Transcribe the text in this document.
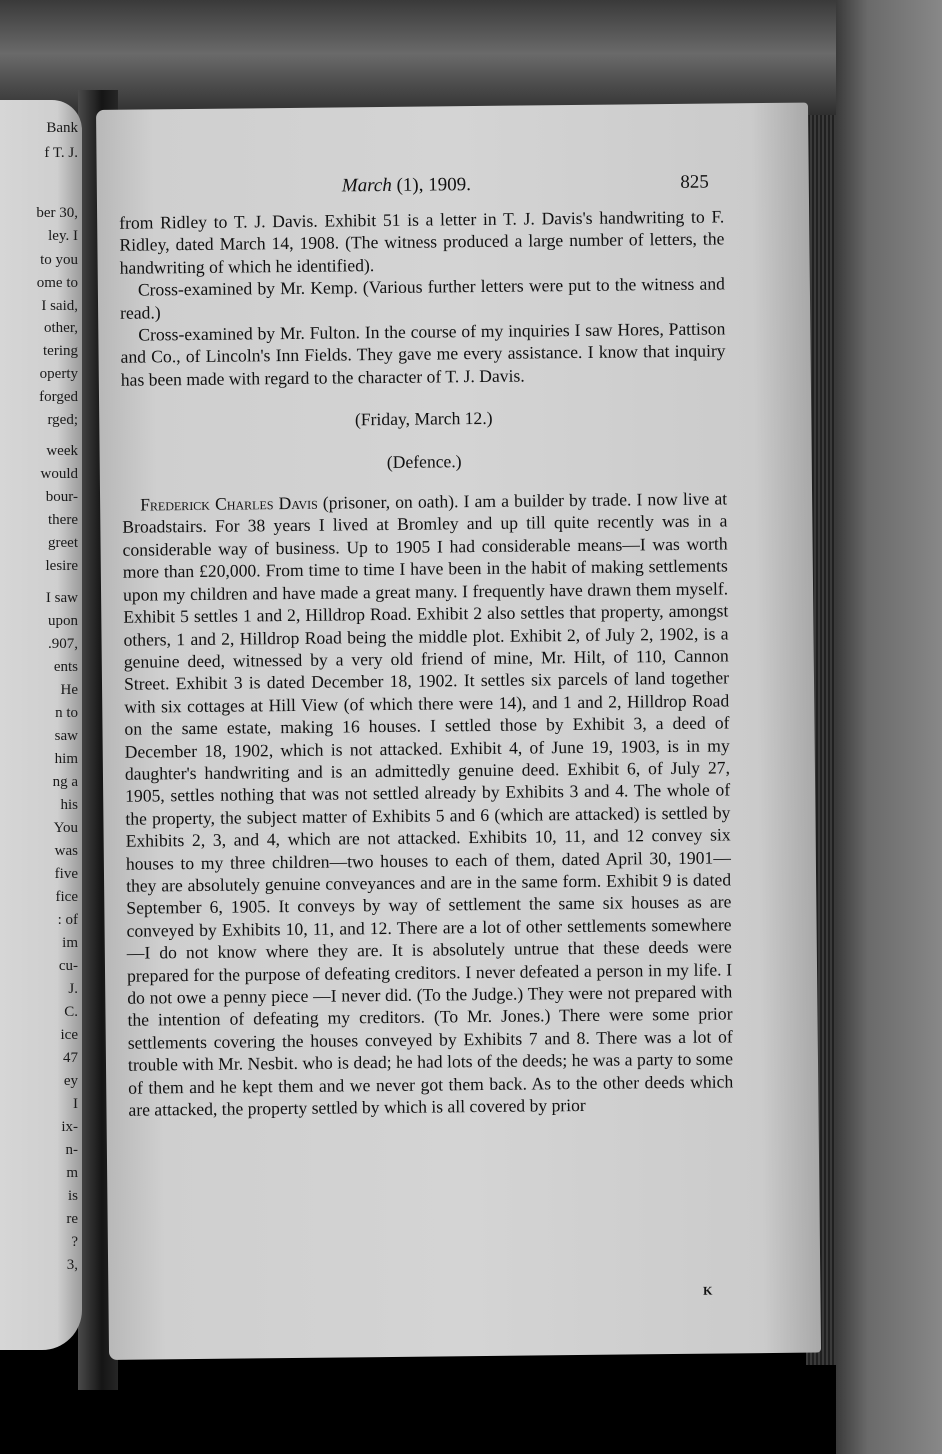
Bank
f T. J.
ber 30,
ley. I
to you
ome to
I said,
other,
tering
operty
forged
rged;
week
would
bour-
there
greet
lesire
I saw
upon
.907,
ents
He
n to
saw
him
ng a
his
You
was
five
fice
: of
im
cu-
J.
C.
ice
47
ey
I
ix-
n-
m
is
re
?
3,
March (1), 1909.	825

from Ridley to T. J. Davis. Exhibit 51 is a letter in T. J. Davis's handwriting to F. Ridley, dated March 14, 1908. (The witness produced a large number of letters, the handwriting of which he identified).

Cross-examined by Mr. Kemp. (Various further letters were put to the witness and read.)

Cross-examined by Mr. Fulton. In the course of my inquiries I saw Hores, Pattison and Co., of Lincoln's Inn Fields. They gave me every assistance. I know that inquiry has been made with regard to the character of T. J. Davis.

(Friday, March 12.)

(Defence.)

Frederick Charles Davis (prisoner, on oath). I am a builder by trade. I now live at Broadstairs. For 38 years I lived at Bromley and up till quite recently was in a considerable way of business. Up to 1905 I had considerable means—I was worth more than £20,000. From time to time I have been in the habit of making settlements upon my children and have made a great many. I frequently have drawn them myself. Exhibit 5 settles 1 and 2, Hilldrop Road. Exhibit 2 also settles that property, amongst others, 1 and 2, Hilldrop Road being the middle plot. Exhibit 2, of July 2, 1902, is a genuine deed, witnessed by a very old friend of mine, Mr. Hilt, of 110, Cannon Street. Exhibit 3 is dated December 18, 1902. It settles six parcels of land together with six cottages at Hill View (of which there were 14), and 1 and 2, Hilldrop Road on the same estate, making 16 houses. I settled those by Exhibit 3, a deed of December 18, 1902, which is not attacked. Exhibit 4, of June 19, 1903, is in my daughter's handwriting and is an admittedly genuine deed. Exhibit 6, of July 27, 1905, settles nothing that was not settled already by Exhibits 3 and 4. The whole of the property, the subject matter of Exhibits 5 and 6 (which are attacked) is settled by Exhibits 2, 3, and 4, which are not attacked. Exhibits 10, 11, and 12 convey six houses to my three children—two houses to each of them, dated April 30, 1901—they are absolutely genuine conveyances and are in the same form. Exhibit 9 is dated September 6, 1905. It conveys by way of settlement the same six houses as are conveyed by Exhibits 10, 11, and 12. There are a lot of other settlements somewhere—I do not know where they are. It is absolutely untrue that these deeds were prepared for the purpose of defeating creditors. I never defeated a person in my life. I do not owe a penny piece —I never did. (To the Judge.) They were not prepared with the intention of defeating my creditors. (To Mr. Jones.) There were some prior settlements covering the houses conveyed by Exhibits 7 and 8. There was a lot of trouble with Mr. Nesbit. who is dead; he had lots of the deeds; he was a party to some of them and he kept them and we never got them back. As to the other deeds which are attacked, the property settled by which is all covered by prior

K
